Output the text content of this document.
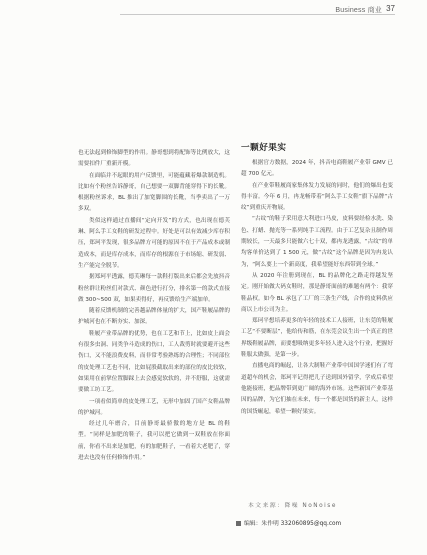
Business 商业 37

也无法起到修饰脚型的作用。静哥想到将配饰等比例放大，这需要扣件厂重新开模。

在面临并不起眼的用户反馈里，可能蕴藏着爆款制造机。比如有个粉丝告诉静哥，自己想要一双脚背能穿得下的长靴。根据粉丝诉求，BL 推出了加宽脚围的长靴，当季卖出了一万多双。

类似这样通过直播间“定向开发”的方式，也出现在德芙琳、阿么手工女鞋的研发过程中。好处是可以有效减少库存积压，郑珂平发现，很多品牌方可能的原因不在于产品成本或制造成本，而是库存成本，而库存的根源在于市场缩、研发弱、生产能完全脱节。

据郑珂平透露，德芙琳每一款鞋打版出来后都会先放抖音粉丝群让粉丝们对款式、颜色进行打分，排名第一的款式直接做 300~500 双，如果卖得好，再反馈给生产端加单。

随着反馈机制的完善越品牌体量的扩大，国产鞋履品牌的护城河也在不断夯实、加深。

鞋履产业带品牌的优势，也在工艺和节上，比如皮上面会有很多虫洞、同类争斗造成的伤口，工人裁剪时就要避开这些伤口，又不能浪费皮料，而非常考验熟练的合理性；不同部位的皮处理工艺也不同，比如屁股截取出来的部位的皮比较软，如果用在前掌位置脚踩上去会感觉软软的，并不舒服，这就需要做工坊工艺。

一项看似简单的皮处理工艺，无形中加固了国产女鞋品牌的护城河。

经过几年磨合，目前静哥最骄傲的地方是 BL 的鞋型。“同样是加肥的鞋子，我可以把它做到一双鞋放在你面前，你看不出来是加肥，有的加肥鞋子，一看着大老肥了，穿进去也没有任何修饰作用。”

一颗好果实

根据官方数据，2024 年，抖音电商鞋履产业带 GMV 已超 700 亿元。

在产业带鞋履商家集体发力发展的同时，他们的爆出也变得丰富。今年 6 月，冉龙畅带着“阿么手工女鞋”旗下品牌“古纹”到重庆开物展。

“古纹”的鞋子采用意大利进口马皮，皮料要经检水洗、染色、打蜡、抛光等一系列纯手工流程。由于工艺复杂且制作周期较长，一天最多只能做六七十双，都冉龙透露，“古纹”的单均客单价达到了 1 500 元，做“古纹”这个品牌是因为冉龙认为，“阿么要上一个新高度，我希望能好东西带到全球。”

从 2020 年注册到现在，BL 的品牌化之路走得越发坚定。刚开始做大码女鞋时，那是静哥面前的难题有两个：我穿鞋品权。如今 BL 承包了工厂的三条生产线，合作的皮料供应商以上市公司为主。

郑珂平想培养更多的年轻的技术工人接班，让东莞的鞋履工艺“不要断层”，他给传和筋，在东莞会议生出一个真正的世界级鞋履品牌，而要想吸纳更多年轻人进入这个行业，把握好鞋服太做强，是第一步。

直播电商的崛起，让各大制鞋产业带中国国学迷们有了弯道超车的机会，郑珂平记得把儿子送到国外留学，学成后希望他能接班，把品牌带到更广阔的海外市场。这些新国产业带基因的品牌，为它们抽在未来，每一个都是国货的新主人，这样的国货崛起，希望一颗好果实。

本文来源：降噪 NoNoise
编辑：朱作明 332060895@qq.com
